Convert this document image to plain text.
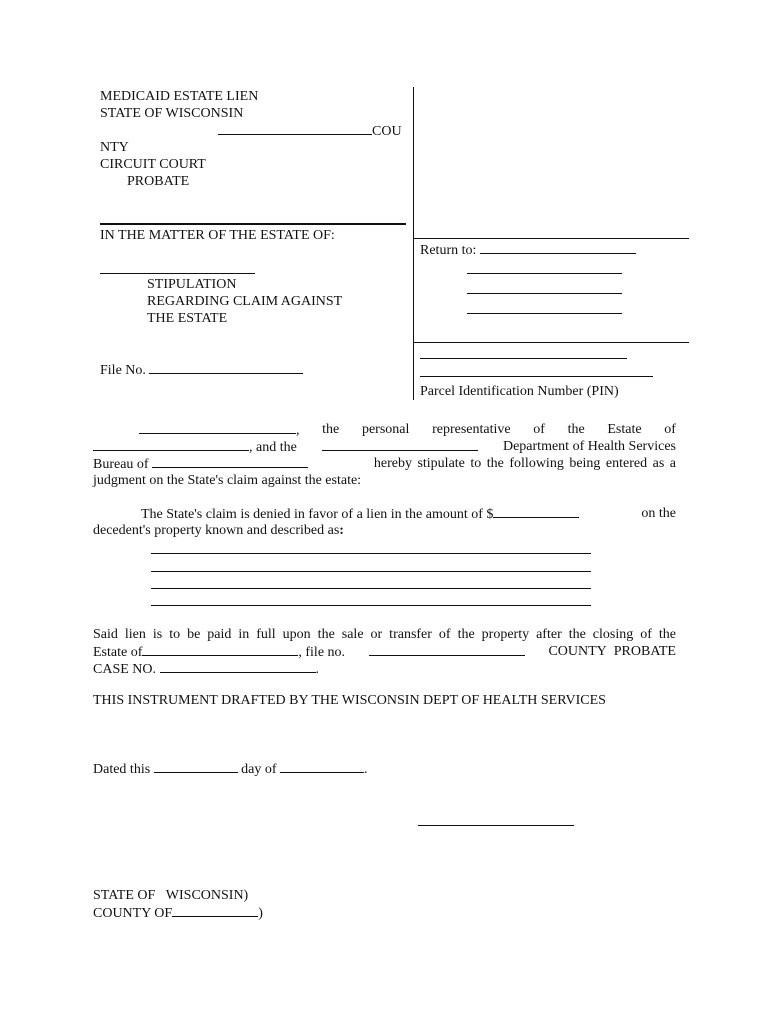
MEDICAID ESTATE LIEN
STATE OF WISCONSIN
COU
NTY
CIRCUIT COURT
PROBATE
IN THE MATTER OF THE ESTATE OF:
STIPULATION
REGARDING CLAIM AGAINST
THE ESTATE
File No.
Return to:
Parcel Identification Number (PIN)
, the personal representative of the Estate of
, and the	Department of Health Services
Bureau of	hereby stipulate to the following being entered as a
judgment on the State's claim against the estate:
The State's claim is denied in favor of a lien in the amount of $	on the
decedent's property known and described as:
Said lien is to be paid in full upon the sale or transfer of the property after the closing of the
Estate of	, file no.	COUNTY PROBATE
CASE NO.	.
THIS INSTRUMENT DRAFTED BY THE WISCONSIN DEPT OF HEALTH SERVICES
Dated this	day of	.
STATE OF WISCONSIN)
COUNTY OF	)
